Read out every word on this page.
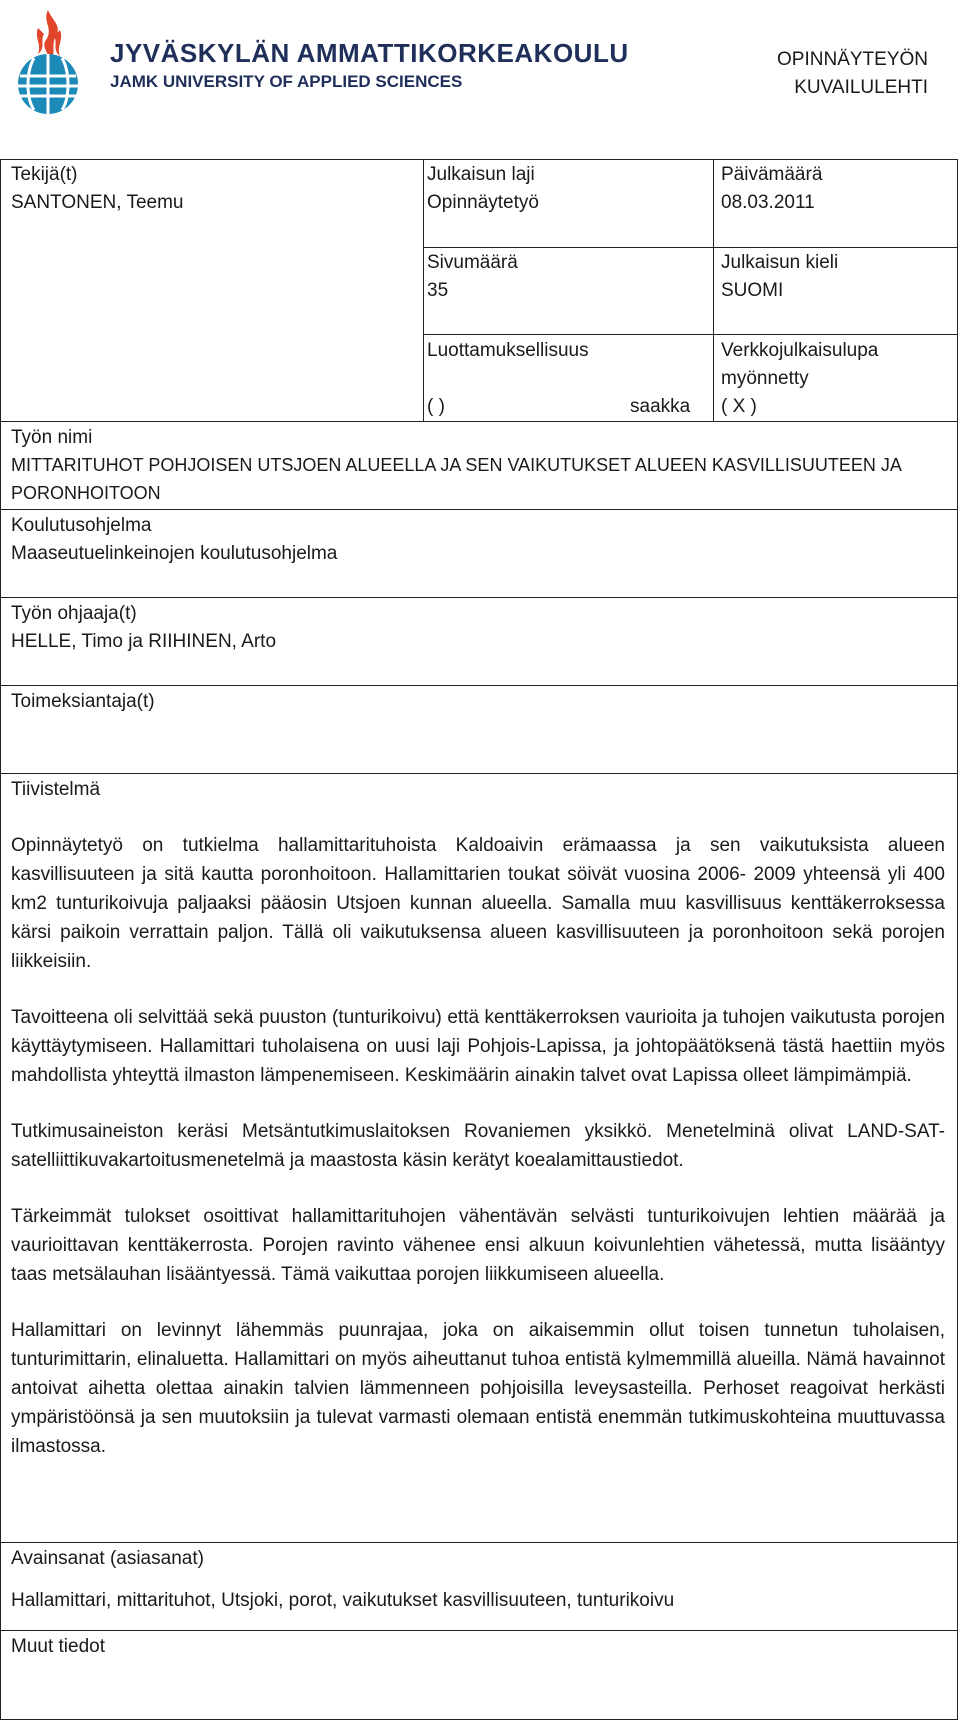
JYVÄSKYLÄN AMMATTIKORKEAKOULU
JAMK UNIVERSITY OF APPLIED SCIENCES
OPINNÄYTEYÖN
KUVAILULEHTI
Tekijä(t)
SANTONEN, Teemu
Julkaisun laji
Opinnäytetyö
Päivämäärä
08.03.2011
Sivumäärä
35
Julkaisun kieli
SUOMI
Luottamuksellisuus
( )	saakka
Verkkojulkaisulupa
myönnetty
( X )
Työn nimi
MITTARITUHOT POHJOISEN UTSJOEN ALUEELLA JA SEN VAIKUTUKSET ALUEEN KASVILLISUUTEEN JA
PORONHOITOON
Koulutusohjelma
Maaseutuelinkeinojen koulutusohjelma
Työn ohjaaja(t)
HELLE, Timo ja RIIHINEN, Arto
Toimeksiantaja(t)
Tiivistelmä

Opinnäytetyö on tutkielma hallamittarituhoista Kaldoaivin erämaassa ja sen vaikutuksista alueen kasvillisuuteen ja sitä kautta poronhoitoon. Hallamittarien toukat söivät vuosina 2006- 2009 yhteensä yli 400 km2 tunturikoivuja paljaaksi pääosin Utsjoen kunnan alueella. Samalla muu kasvillisuus kenttäkerroksessa kärsi paikoin verrattain paljon. Tällä oli vaikutuksensa alueen kasvillisuuteen ja poronhoitoon sekä porojen liikkeisiin.

Tavoitteena oli selvittää sekä puuston (tunturikoivu) että kenttäkerroksen vaurioita ja tuhojen vaikutusta porojen käyttäytymiseen. Hallamittari tuholaisena on uusi laji Pohjois-Lapissa, ja johtopäätöksenä tästä haettiin myös mahdollista yhteyttä ilmaston lämpenemiseen. Keskimäärin ainakin talvet ovat Lapissa olleet lämpimämpiä.

Tutkimusaineiston keräsi Metsäntutkimuslaitoksen Rovaniemen yksikkö. Menetelminä olivat LAND-SAT- satelliittikuvakartoitusmenetelmä ja maastosta käsin kerätyt koealamittaustiedot.

Tärkeimmät tulokset osoittivat hallamittarituhojen vähentävän selvästi tunturikoivujen lehtien määrää ja vaurioittavan kenttäkerrosta. Porojen ravinto vähenee ensi alkuun koivunlehtien vähetessä, mutta lisääntyy taas metsälauhan lisääntyessä. Tämä vaikuttaa porojen liikkumiseen alueella.

Hallamittari on levinnyt lähemmäs puunrajaa, joka on aikaisemmin ollut toisen tunnetun tuholaisen, tunturimittarin, elinaluetta. Hallamittari on myös aiheuttanut tuhoa entistä kylmemmillä alueilla. Nämä havainnot antoivat aihetta olettaa ainakin talvien lämmenneen pohjoisilla leveysasteilla. Perhoset reagoivat herkästi ympäristöönsä ja sen muutoksiin ja tulevat varmasti olemaan entistä enemmän tutkimuskohteina muuttuvassa ilmastossa.

Avainsanat (asiasanat)
Hallamittari, mittarituhot, Utsjoki, porot, vaikutukset kasvillisuuteen, tunturikoivu
Muut tiedot
